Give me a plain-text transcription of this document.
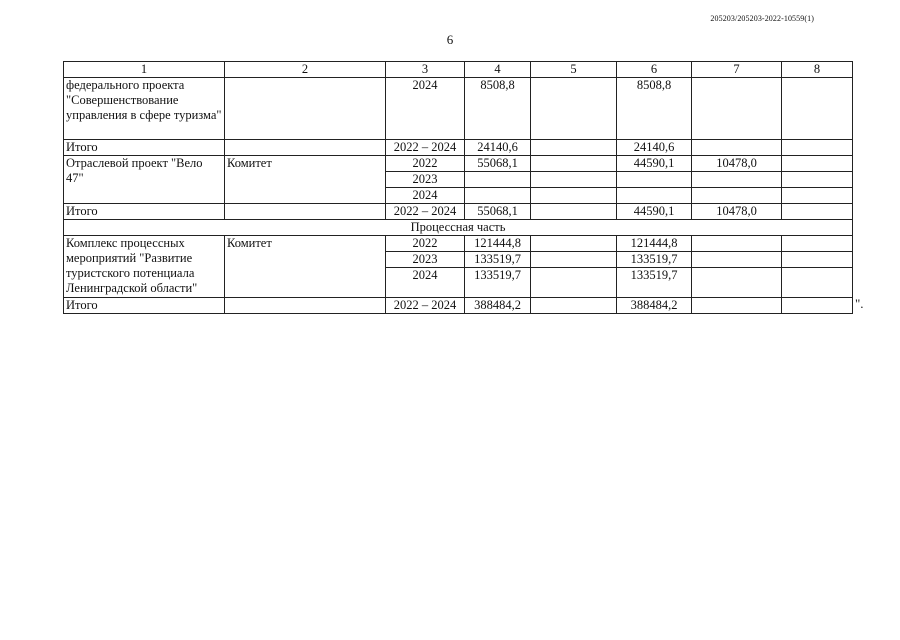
205203/205203-2022-10559(1)
6
1	2	3	4	5	6	7	8
федерального проекта "Совершенствование управления в сфере туризма"		2024	8508,8		8508,8		
Итого		2022 – 2024	24140,6		24140,6		
Отраслевой проект "Вело 47"	Комитет	2022	55068,1		44590,1	10478,0	
		2023					
		2024					
Итого		2022 – 2024	55068,1		44590,1	10478,0	
Процессная часть							
Комплекс процессных мероприятий "Развитие туристского потенциала Ленинградской области"	Комитет	2022	121444,8		121444,8		
		2023	133519,7		133519,7		
		2024	133519,7		133519,7		
Итого		2022 – 2024	388484,2		388484,2			".
